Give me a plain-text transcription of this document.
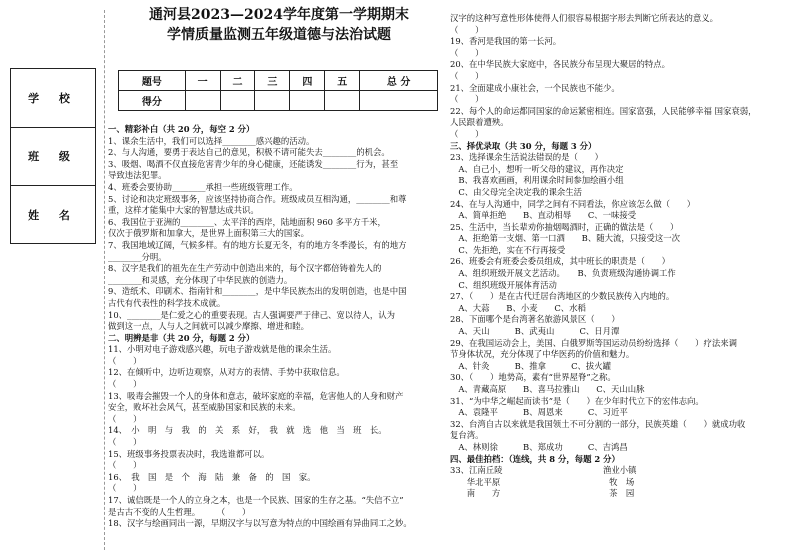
学 校
班 级
姓 名
通河县2023—2024学年度第一学期期末
学情质量监测五年级道德与法治试题
题号	一	二	三	四	五	总 分
得分						
一、精彩补白（共 20 分，每空 2 分）
1、课余生活中，我们可以选择________感兴趣的活动。
2、与人沟通，要勇于表达自己的意见，积极不请可能失去________的机会。
3、吸烟、喝酒不仅直接危害青少年的身心健康，还能诱发________行为，甚至
导致违法犯罪。
4、班委会要协助________承担一些班级管理工作。
5、讨论和决定班级事务，应该坚持协商合作。班级成员互相沟通，________和尊
重，这样才能集中大家的智慧达成共识。
6、我国位于亚洲的________、太平洋的西岸，陆地面积 960 多平方千米，
仅次于俄罗斯和加拿大，是世界上面积第三大的国家。
7、我国地域辽阔，气候多样。有的地方长夏无冬，有的地方冬季漫长，有的地方
________分明。
8、汉字是我们的祖先在生产劳动中创造出来的，每个汉字都倍铸着先人的
________和灵感，充分体现了中华民族的创造力。
9、造纸术、印刷术、指南针和________，是中华民族杰出的发明创造，也是中国
古代有代表性的科学技术成就。
10、________是仁爱之心的重要表现。古人强调要严于律己、宽以待人，认为
做到这一点，人与人之间就可以减少摩擦、增进和睦。
二、明辨是非（共 20 分，每题 2 分）
11、小明对电子游戏感兴趣，玩电子游戏就是他的课余生活。
（　　）
12、在倾听中，边听边观察，从对方的表情、手势中获取信息。
（　　）
13、吸毒会摧毁一个人的身体和意志，破坏家庭的幸福，危害他人的人身和财产
安全，败坏社会风气，甚至威胁国家和民族的未来。
（　　）
14、　小　明　与　我　的　关　系　好，　我　就　选　他　当　班　长。
（　　）
15、班级事务投票表决时，我选谁都可以。
（　　）
16、　我　国　是　个　海　陆　兼　备　的　国　家。
（　　）
17、诚信既是一个人的立身之本，也是一个民族、国家的生存之基。“失信不立”
是古古不变的人生哲理。　　　（　　）
18、汉字与绘画同出一源，早期汉字与以写意为特点的中国绘画有异曲同工之妙。
汉字的这种写意性形体使得人们很容易根据字形去判断它所表达的意义。
（　　）
19、香河是我国的第一长河。
（　　）
20、在中华民族大家庭中，各民族分布呈现大聚居的特点。
（　　）
21、全面建成小康社会，一个民族也不能少。
（　　）
22、每个人的命运都同国家的命运紧密相连。国家富强，人民能够幸福 国家衰弱，
人民跟着遭殃。
（　　）
三、择优录取（共 30 分，每题 3 分）
23、选择课余生活说法错误的是（　　）
　A、自己小，想听一听父母的建议，再作决定
　B、我喜欢画画，利用课余时间参加绘画小组
　C、由父母完全决定我的课余生活
24、在与人沟通中，同学之间有不同看法，你应该怎么做（　　）
　A、简单拒绝　　B、直动相辱　　C、一味接受
25、生活中，当长辈劝你抽烟喝酒时，正确的做法是（　　）
　A、拒绝第一支烟、第一口酒　　B、随大流，只接受这一次
　C、先拒绝，实在不行再接受
26、班委会有班委会委员组成，其中班长的职责是（　　）
　A、组织班级开展文艺活动。　　B、负责班级沟通协调工作
　C、组织班级开展体育活动
27、（　　）是在古代迁居台湾地区的少数民族传入内地的。
　A、大蒜　　B、小麦　　C、水稻
28、下面哪个是台湾著名旅游风景区（　　）
　A、天山　　　B、武夷山　　　C、日月潭
29、在我国运动会上，美国、白俄罗斯等国运动员纷纷选择（　　）疗法来调
节身体状况，充分体现了中华医药的价值和魅力。
　A、针灸　　　B、推拿　　　C、拔火罐
30、（　　）地势高，素有“世界屋脊”之称。
　A、青藏高原　　B、喜马拉雅山　　C、天山山脉
31、“为中华之崛起而读书”是（　　）在少年时代立下的宏伟志向。
　A、袁隆平　　　B、周恩来　　　C、习近平
32、台湾自古以来就是我国领土不可分割的一部分，民族英雄（　　）就成功收
复台湾。
　A、林则徐　　　B、郑成功　　　C、吉鸿昌
四、最佳拍档：（连线，共 8 分，每题 2 分）
33、江南丘陵　　　　　　　　　　　　渔业小镇
　　华北平原　　　　　　　　　　　　　牧　场
　　南　　方　　　　　　　　　　　　　茶　园
